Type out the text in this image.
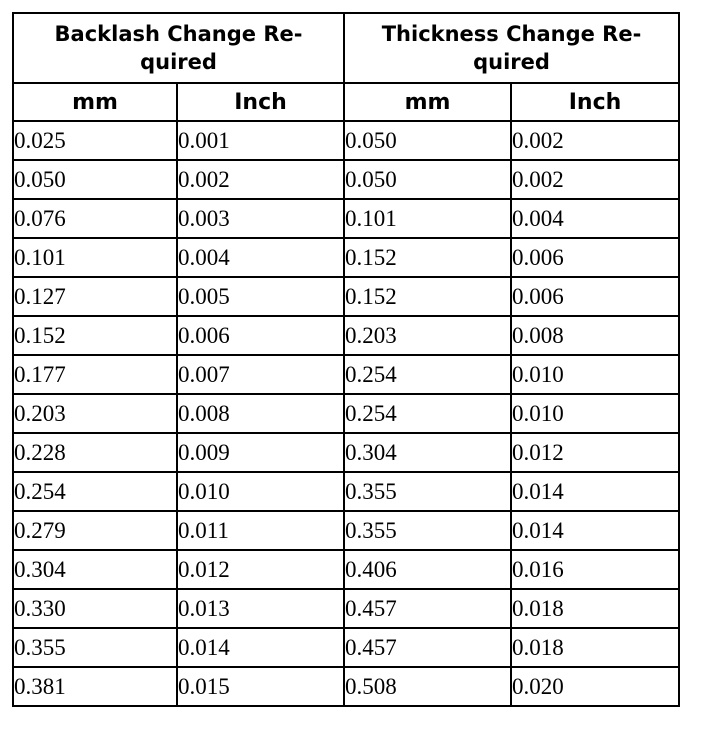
Backlash Change Re- quired		Thickness Change Re- quired	
mm	Inch	mm	Inch
0.025	0.001	0.050	0.002
0.050	0.002	0.050	0.002
0.076	0.003	0.101	0.004
0.101	0.004	0.152	0.006
0.127	0.005	0.152	0.006
0.152	0.006	0.203	0.008
0.177	0.007	0.254	0.010
0.203	0.008	0.254	0.010
0.228	0.009	0.304	0.012
0.254	0.010	0.355	0.014
0.279	0.011	0.355	0.014
0.304	0.012	0.406	0.016
0.330	0.013	0.457	0.018
0.355	0.014	0.457	0.018
0.381	0.015	0.508	0.020
